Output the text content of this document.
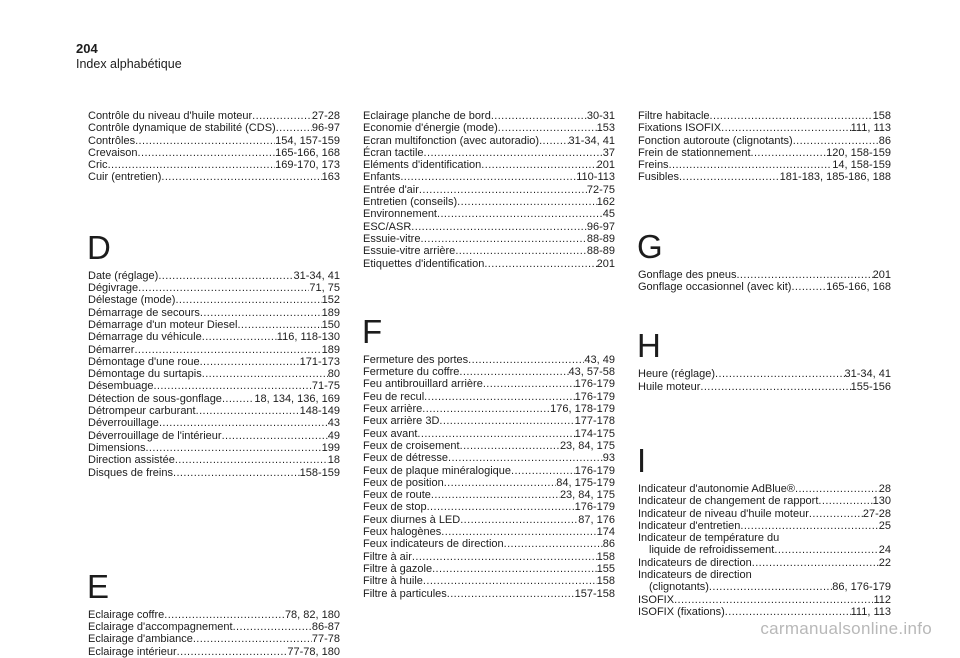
204
Index alphabétique
Contrôle du niveau d'huile moteur .....	27-28
Contrôle dynamique de stabilité (CDS) .....	96-97
Contrôles .....	154, 157-159
Crevaison .....	165-166, 168
Cric .....	169-170, 173
Cuir (entretien) .....	163
D
Date (réglage) .....	31-34, 41
Dégivrage .....	71, 75
Délestage (mode) .....	152
Démarrage de secours .....	189
Démarrage d'un moteur Diesel .....	150
Démarrage du véhicule .....	116, 118-130
Démarrer .....	189
Démontage d'une roue .....	171-173
Démontage du surtapis .....	80
Désembuage .....	71-75
Détection de sous-gonflage .....	18, 134, 136, 169
Détrompeur carburant .....	148-149
Déverrouillage .....	43
Déverrouillage de l'intérieur .....	49
Dimensions .....	199
Direction assistée .....	18
Disques de freins .....	158-159
E
Eclairage coffre .....	78, 82, 180
Eclairage d'accompagnement .....	86-87
Eclairage d'ambiance .....	77-78
Eclairage intérieur .....	77-78, 180
Eclairage planche de bord .....	30-31
Economie d'énergie (mode) .....	153
Ecran multifonction (avec autoradio) .....	31-34, 41
Écran tactile .....	37
Eléments d'identification .....	201
Enfants .....	110-113
Entrée d'air .....	72-75
Entretien (conseils) .....	162
Environnement .....	45
ESC/ASR .....	96-97
Essuie-vitre .....	88-89
Essuie-vitre arrière .....	88-89
Etiquettes d'identification .....	201
F
Fermeture des portes .....	43, 49
Fermeture du coffre .....	43, 57-58
Feu antibrouillard arrière .....	176-179
Feu de recul .....	176-179
Feux arrière .....	176, 178-179
Feux arrière 3D .....	177-178
Feux avant .....	174-175
Feux de croisement .....	23, 84, 175
Feux de détresse .....	93
Feux de plaque minéralogique .....	176-179
Feux de position .....	84, 175-179
Feux de route .....	23, 84, 175
Feux de stop .....	176-179
Feux diurnes à LED .....	87, 176
Feux halogènes .....	174
Feux indicateurs de direction .....	86
Filtre à air .....	158
Filtre à gazole .....	155
Filtre à huile .....	158
Filtre à particules .....	157-158
Filtre habitacle .....	158
Fixations ISOFIX .....	111, 113
Fonction autoroute (clignotants) .....	86
Frein de stationnement .....	120, 158-159
Freins .....	14, 158-159
Fusibles .....	181-183, 185-186, 188
G
Gonflage des pneus .....	201
Gonflage occasionnel (avec kit) .....	165-166, 168
H
Heure (réglage) .....	31-34, 41
Huile moteur .....	155-156
I
Indicateur d'autonomie AdBlue® .....	28
Indicateur de changement de rapport .....	130
Indicateur de niveau d'huile moteur .....	27-28
Indicateur d'entretien .....	25
Indicateur de température du
liquide de refroidissement .....	24
Indicateurs de direction .....	22
Indicateurs de direction
(clignotants) .....	86, 176-179
ISOFIX .....	112
ISOFIX (fixations) .....	111, 113
carmanualsonline.info
